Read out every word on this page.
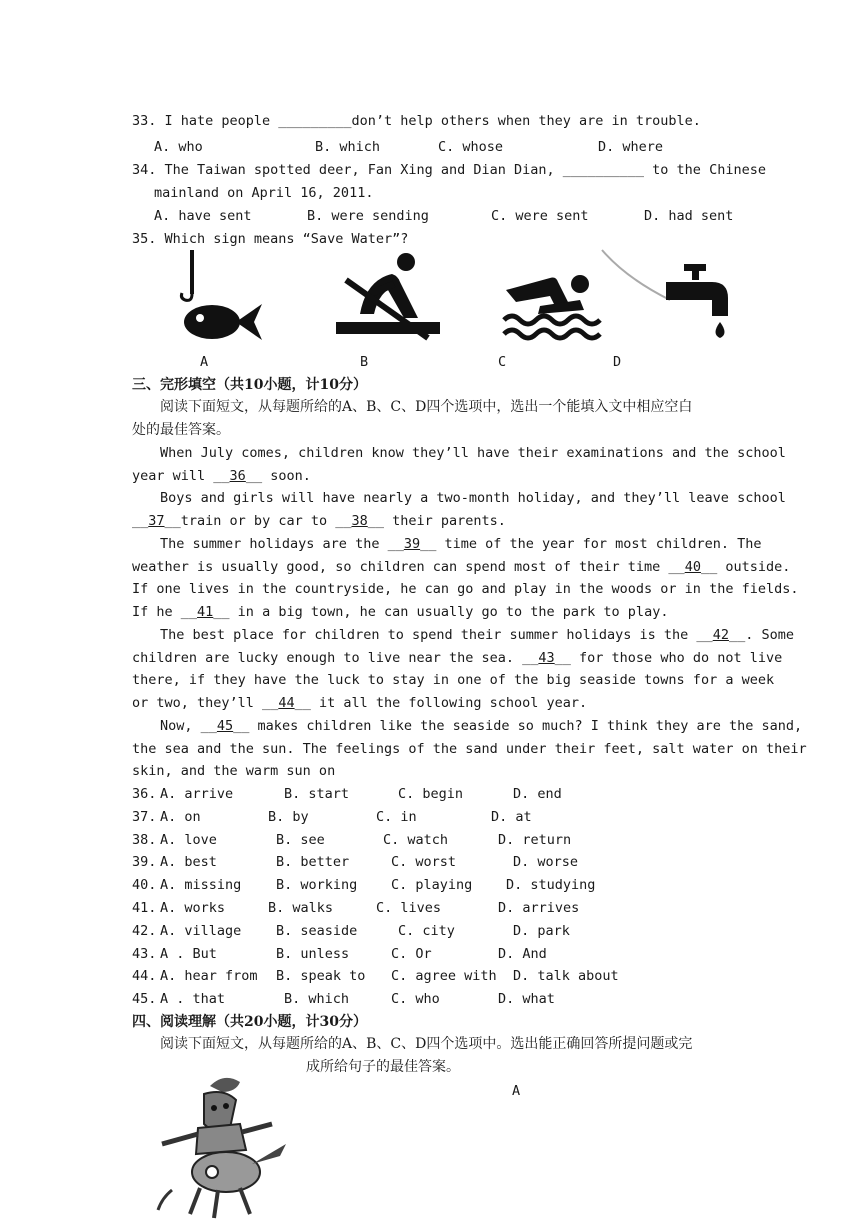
33. I hate people _________don’t help others when they are in trouble.
A. who	B. which	C. whose	D. where
34. The Taiwan spotted deer, Fan Xing and Dian Dian, __________ to the Chinese
mainland on April 16, 2011.
A. have sent	B. were sending	C. were sent	D. had sent
35. Which sign means “Save Water”?
A	B	C	D
三、完形填空（共10小题，计10分）
阅读下面短文，从每题所给的A、B、C、D四个选项中，选出一个能填入文中相应空白
处的最佳答案。
When July comes, children know they’ll have their examinations and the school
year will __36__ soon.
Boys and girls will have nearly a two-month holiday, and they’ll leave school
__37__train or by car to __38__ their parents.
The summer holidays are the __39__ time of the year for most children. The
weather is usually good, so children can spend most of their time __40__ outside.
If one lives in the countryside, he can go and play in the woods or in the fields.
If he __41__ in a big town, he can usually go to the park to play.
The best place for children to spend their summer holidays is the __42__. Some
children are lucky enough to live near the sea. __43__ for those who do not live
there, if they have the luck to stay in one of the big seaside towns for a week
or two, they’ll __44__ it all the following school year.
Now, __45__ makes children like the seaside so much? I think they are the sand,
the sea and the sun. The feelings of the sand under their feet, salt water on their
skin, and the warm sun on
36. A. arrive	B. start	C. begin	D. end
37. A. on	B. by	C. in	D. at
38. A. love	B. see	C. watch	D. return
39. A. best	B. better	C. worst	D. worse
40. A. missing	B. working C. playing D. studying
41. A. works	B. walks	C. lives	D. arrives
42. A. village	B. seaside	C. city	D. park
43. A . But	B. unless	C. Or	D. And
44. A. hear from B. speak to C. agree with D. talk about
45. A . that	B. which	C. who	D. what
四、阅读理解（共20小题，计30分）
阅读下面短文，从每题所给的A、B、C、D四个选项中。选出能正确回答所提问题或完
成所给句子的最佳答案。
A
